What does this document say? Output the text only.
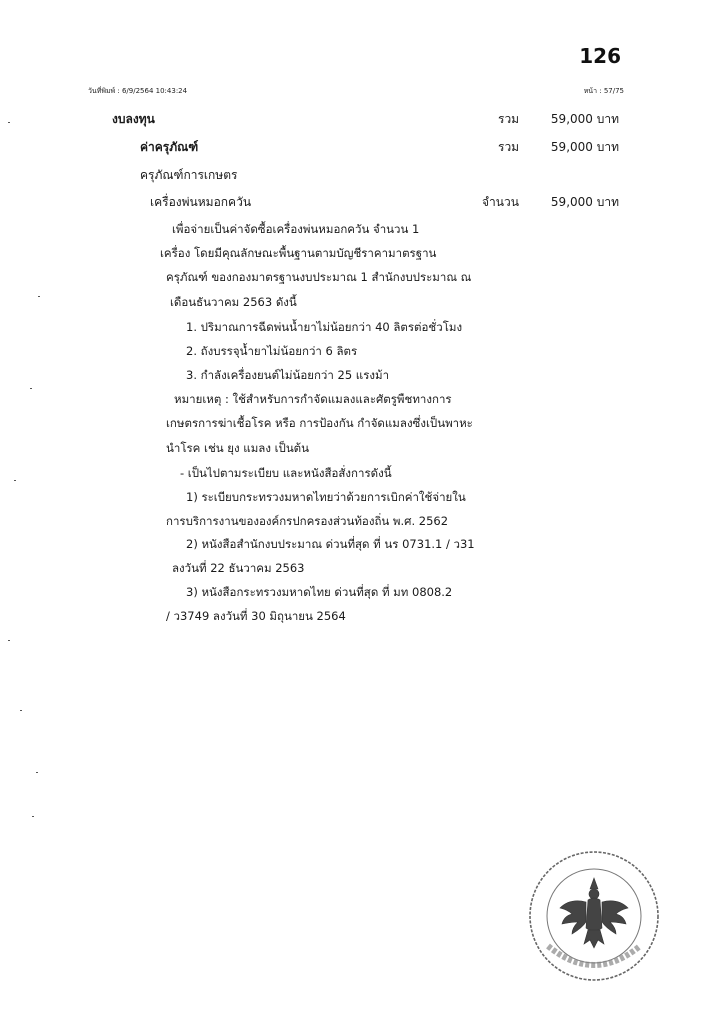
126
วันที่พิมพ์ : 6/9/2564 10:43:24	หน้า : 57/75
งบลงทุน	รวม	59,000 บาท
ค่าครุภัณฑ์	รวม	59,000 บาท
ครุภัณฑ์การเกษตร
เครื่องพ่นหมอกควัน	จำนวน	59,000 บาท
เพื่อจ่ายเป็นค่าจัดซื้อเครื่องพ่นหมอกควัน จำนวน 1
เครื่อง โดยมีคุณลักษณะพื้นฐานตามบัญชีราคามาตรฐาน
ครุภัณฑ์ ของกองมาตรฐานงบประมาณ 1 สำนักงบประมาณ ณ
เดือนธันวาคม 2563 ดังนี้
1. ปริมาณการฉีดพ่นน้ำยาไม่น้อยกว่า 40 ลิตรต่อชั่วโมง
2. ถังบรรจุน้ำยาไม่น้อยกว่า 6 ลิตร
3. กำลังเครื่องยนต์ไม่น้อยกว่า 25 แรงม้า
หมายเหตุ : ใช้สำหรับการกำจัดแมลงและศัตรูพืชทางการ
เกษตรการฆ่าเชื้อโรค หรือ การป้องกัน กำจัดแมลงซึ่งเป็นพาหะ
นำโรค เช่น ยุง แมลง เป็นต้น
- เป็นไปตามระเบียบ และหนังสือสั่งการดังนี้
1) ระเบียบกระทรวงมหาดไทยว่าด้วยการเบิกค่าใช้จ่ายใน
การบริการงานขององค์กรปกครองส่วนท้องถิ่น พ.ศ. 2562
2) หนังสือสำนักงบประมาณ ด่วนที่สุด ที่ นร 0731.1 / ว31
ลงวันที่ 22 ธันวาคม 2563
3) หนังสือกระทรวงมหาดไทย ด่วนที่สุด ที่ มท 0808.2
/ ว3749 ลงวันที่ 30 มิถุนายน 2564
